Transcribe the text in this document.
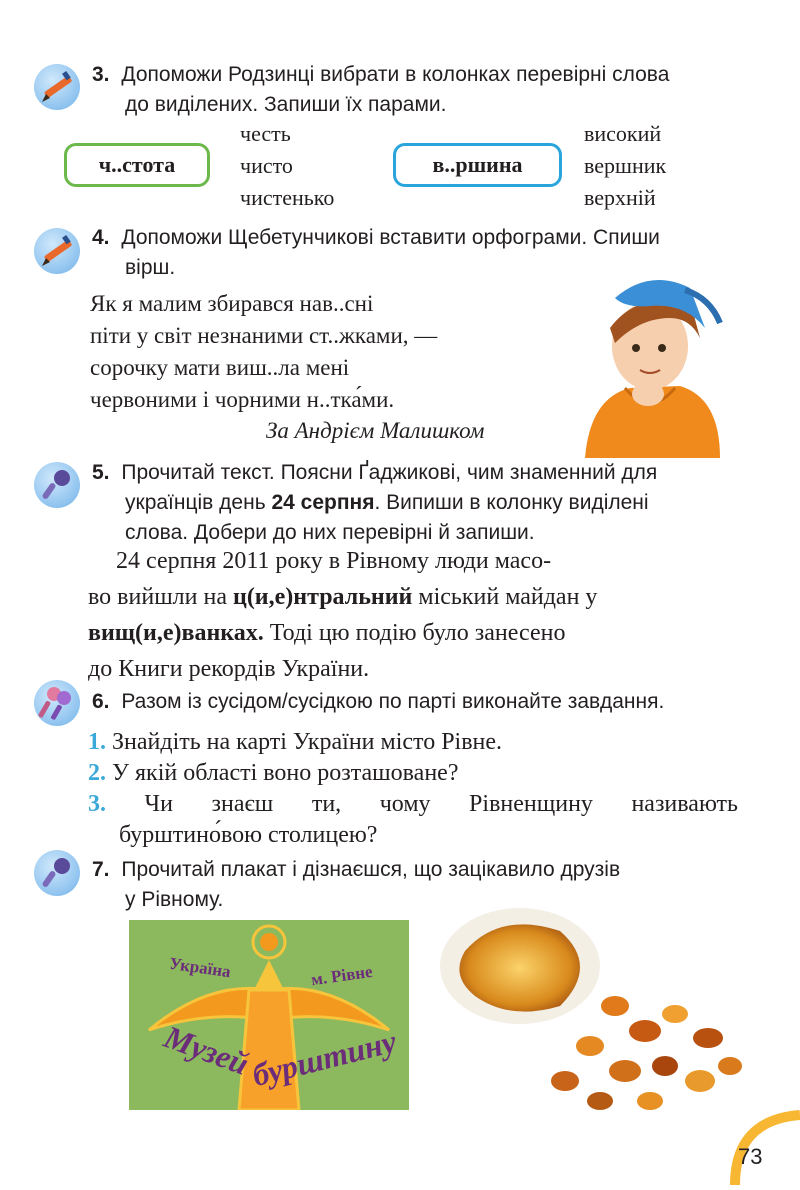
3. Допоможи Родзинці вибрати в колонках перевірні слова
до виділених. Запиши їх парами.
ч..стота
честь
чисто
чистенько
в..ршина
високий
вершник
верхній
4. Допоможи Щебетунчикові вставити орфограми. Спиши
вірш.
Як я малим збирався нав..сні
піти у світ незнаними ст..жками, —
сорочку мати виш..ла мені
червоними і чорними н..тка́ми.
За Андрієм Малишком
5. Прочитай текст. Поясни Ґаджикові, чим знаменний для
українців день 24 серпня. Випиши в колонку виділені
слова. Добери до них перевірні й запиши.
24 серпня 2011 року в Рівному люди масо-
во вийшли на ц(и,е)нтральний міський майдан у
вищ(и,е)ванках. Тоді цю подію було занесено
до Книги рекордів України.
6. Разом із сусідом/сусідкою по парті виконайте завдання.
1. Знайдіть на карті України місто Рівне.
2. У якій області воно розташоване?
3. Чи знаєш ти, чому Рівненщину називають
бурштино́вою столицею?
7. Прочитай плакат і дізнаєшся, що зацікавило друзів
у Рівному.
Україна	м. Рівне
Музей
бурштину
73
